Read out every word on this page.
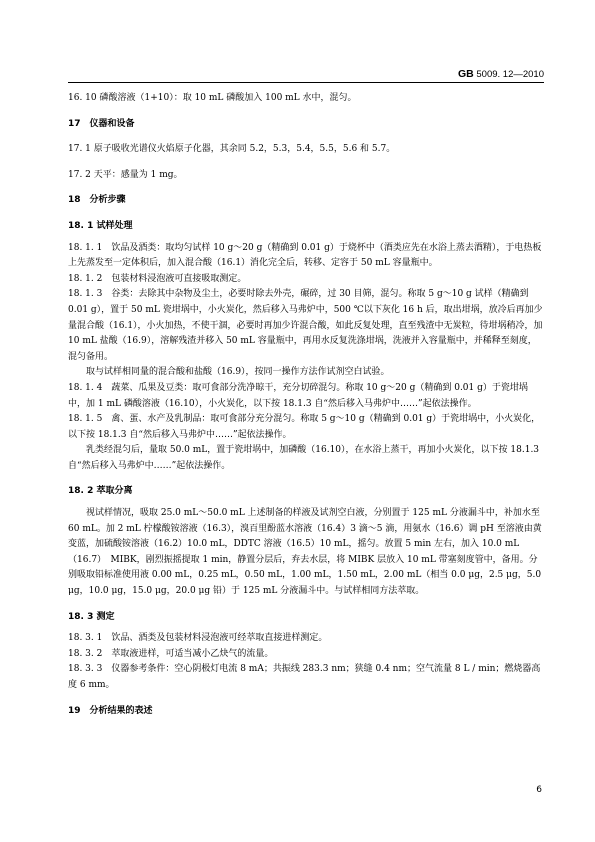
GB 5009. 12—2010

16. 10 磷酸溶液（1+10）：取 10 mL 磷酸加入 100 mL 水中，混匀。

17　仪器和设备

17. 1 原子吸收光谱仪火焰原子化器，其余同 5.2，5.3，5.4，5.5，5.6 和 5.7。

17. 2 天平：感量为 1 mg。

18　分析步骤

18. 1 试样处理

18. 1. 1　饮品及酒类：取均匀试样 10 g～20 g（精确到 0.01 g）于烧杯中（酒类应先在水浴上蒸去酒精），于电热板上先蒸发至一定体积后，加入混合酸（16.1）消化完全后，转移、定容于 50 mL 容量瓶中。

18. 1. 2　包装材料浸泡液可直接吸取测定。

18. 1. 3　谷类：去除其中杂物及尘土，必要时除去外壳，碾碎，过 30 目筛，混匀。称取 5 g～10 g 试样（精确到 0.01 g），置于 50 mL 瓷坩埚中，小火炭化，然后移入马弗炉中，500 ℃以下灰化 16 h 后，取出坩埚，放冷后再加少量混合酸（16.1），小火加热，不使干涸，必要时再加少许混合酸，如此反复处理，直至残渣中无炭粒，待坩埚稍冷，加 10 mL 盐酸（16.9），溶解残渣并移入 50 mL 容量瓶中，再用水反复洗涤坩埚，洗液并入容量瓶中，并稀释至刻度，混匀备用。

取与试样相同量的混合酸和盐酸（16.9），按同一操作方法作试剂空白试验。

18. 1. 4　蔬菜、瓜果及豆类：取可食部分洗净晾干，充分切碎混匀。称取 10 g～20 g（精确到 0.01 g）于瓷坩埚中，加 1 mL 磷酸溶液（16.10），小火炭化，以下按 18.1.3 自“然后移入马弗炉中……”起依法操作。

18. 1. 5　禽、蛋、水产及乳制品：取可食部分充分混匀。称取 5 g～10 g（精确到 0.01 g）于瓷坩埚中，小火炭化，以下按 18.1.3 自“然后移入马弗炉中……”起依法操作。

乳类经混匀后，量取 50.0 mL，置于瓷坩埚中，加磷酸（16.10），在水浴上蒸干，再加小火炭化，以下按 18.1.3 自“然后移入马弗炉中……”起依法操作。

18. 2 萃取分离

视试样情况，吸取 25.0 mL～50.0 mL 上述制备的样液及试剂空白液，分别置于 125 mL 分液漏斗中，补加水至 60 mL。加 2 mL 柠檬酸铵溶液（16.3），溴百里酚蓝水溶液（16.4）3 滴～5 滴，用氨水（16.6）调 pH 至溶液由黄变蓝，加硫酸铵溶液（16.2）10.0 mL，DDTC 溶液（16.5）10 mL，摇匀。放置 5 min 左右，加入 10.0 mL（16.7）　MIBK，剧烈振摇提取 1 min，静置分层后，弃去水层，将 MIBK 层放入 10 mL 带塞刻度管中，备用。分别吸取铅标准使用液 0.00 mL，0.25 mL，0.50 mL，1.00 mL，1.50 mL，2.00 mL（相当 0.0 μg，2.5 μg，5.0 μg，10.0 μg，15.0 μg，20.0 μg 铅）于 125 mL 分液漏斗中。与试样相同方法萃取。

18. 3 测定

18. 3. 1　饮品、酒类及包装材料浸泡液可经萃取直接进样测定。

18. 3. 2　萃取液进样，可适当减小乙炔气的流量。

18. 3. 3　仪器参考条件：空心阴极灯电流 8 mA；共振线 283.3 nm；狭缝 0.4 nm；空气流量 8 L / min；燃烧器高度 6 mm。

19　分析结果的表述

6
